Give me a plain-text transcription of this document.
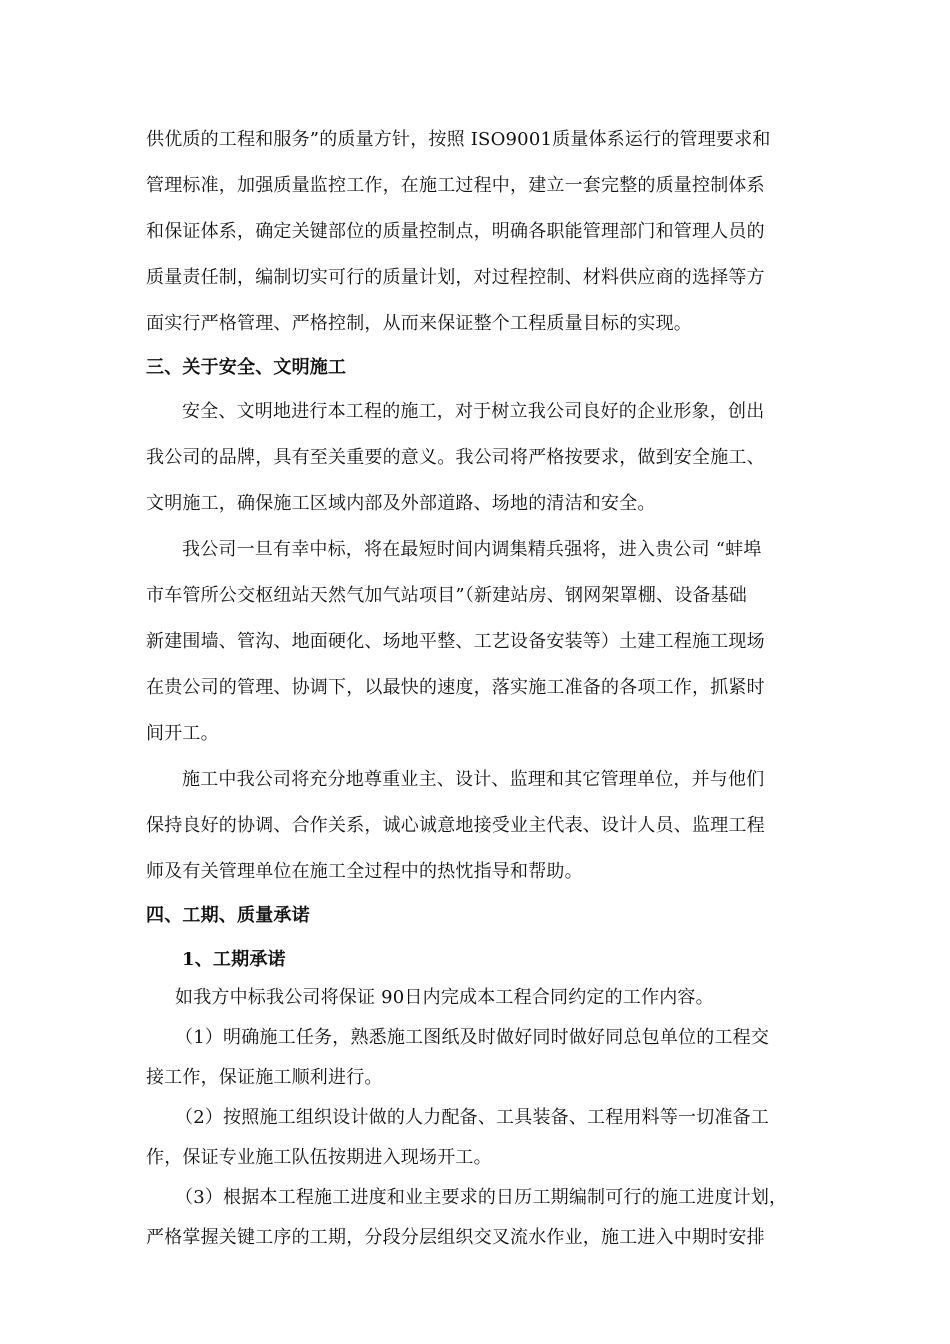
供优质的工程和服务”的质量方针，按照 ISO9001质量体系运行的管理要求和
管理标准，加强质量监控工作，在施工过程中，建立一套完整的质量控制体系
和保证体系，确定关键部位的质量控制点，明确各职能管理部门和管理人员的
质量责任制，编制切实可行的质量计划，对过程控制、材料供应商的选择等方
面实行严格管理、严格控制，从而来保证整个工程质量目标的实现。
三、关于安全、文明施工
安全、文明地进行本工程的施工，对于树立我公司良好的企业形象，创出
我公司的品牌，具有至关重要的意义。我公司将严格按要求，做到安全施工、
文明施工，确保施工区域内部及外部道路、场地的清洁和安全。
我公司一旦有幸中标，将在最短时间内调集精兵强将，进入贵公司 “蚌埠
市车管所公交枢纽站天然气加气站项目”（新建站房、钢网架罩棚、设备基础
新建围墙、管沟、地面硬化、场地平整、工艺设备安装等）土建工程施工现场
在贵公司的管理、协调下，以最快的速度，落实施工准备的各项工作，抓紧时
间开工。
施工中我公司将充分地尊重业主、设计、监理和其它管理单位，并与他们
保持良好的协调、合作关系，诚心诚意地接受业主代表、设计人员、监理工程
师及有关管理单位在施工全过程中的热忱指导和帮助。
四、工期、质量承诺
1、工期承诺
如我方中标我公司将保证 90日内完成本工程合同约定的工作内容。
（1）明确施工任务，熟悉施工图纸及时做好同时做好同总包单位的工程交
接工作，保证施工顺利进行。
（2）按照施工组织设计做的人力配备、工具装备、工程用料等一切准备工
作，保证专业施工队伍按期进入现场开工。
（3）根据本工程施工进度和业主要求的日历工期编制可行的施工进度计划，
严格掌握关键工序的工期，分段分层组织交叉流水作业，施工进入中期时安排
